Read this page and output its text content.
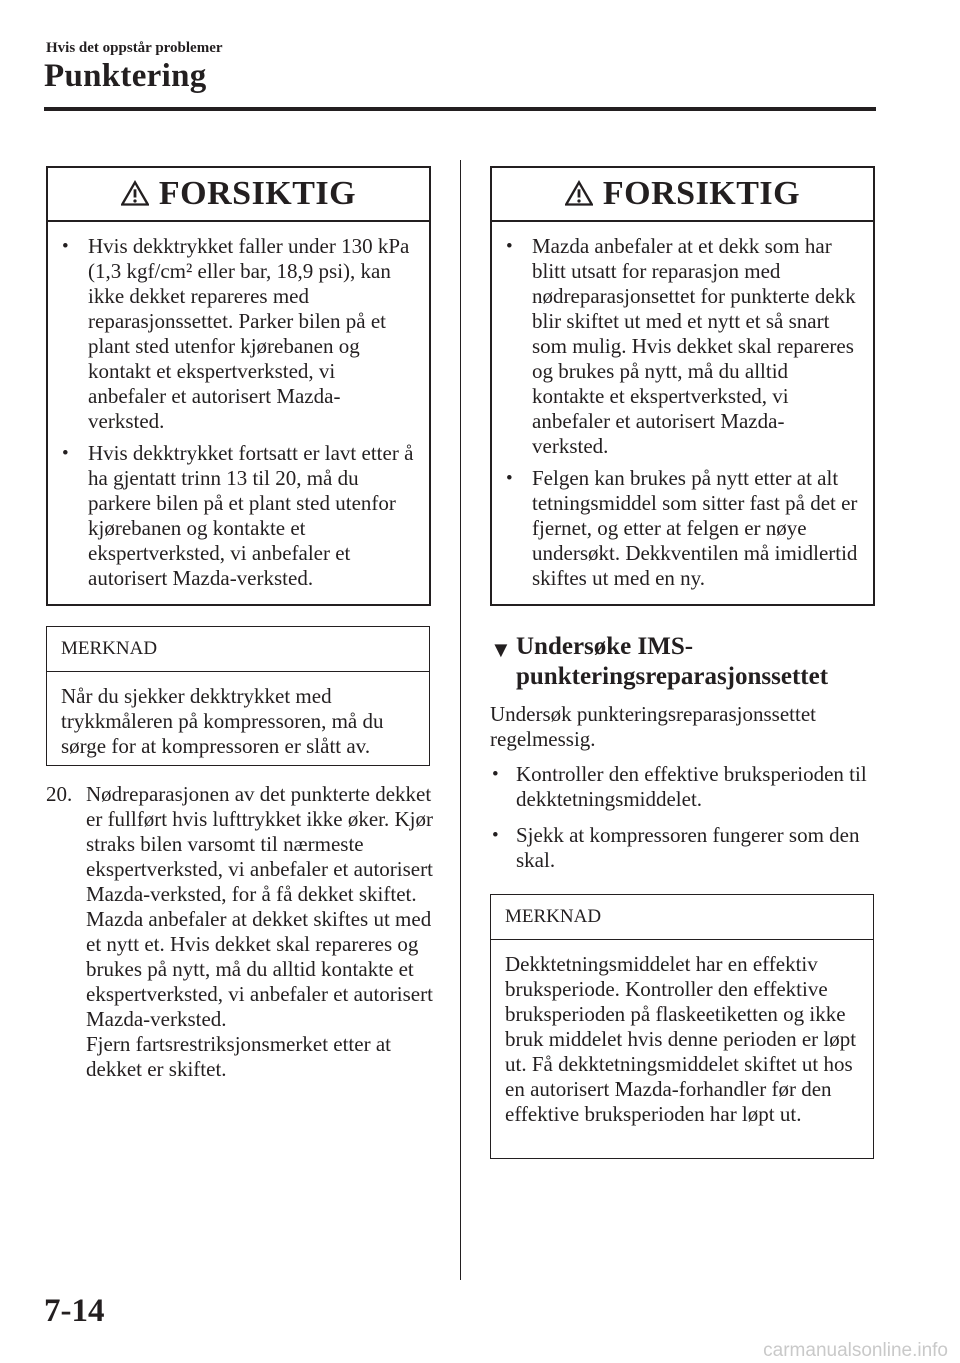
Hvis det oppstår problemer
Punktering
FORSIKTIG
• Hvis dekktrykket faller under 130 kPa (1,3 kgf/cm² eller bar, 18,9 psi), kan ikke dekket repareres med reparasjonssettet. Parker bilen på et plant sted utenfor kjørebanen og kontakt et ekspertverksted, vi anbefaler et autorisert Mazda-verksted.
• Hvis dekktrykket fortsatt er lavt etter å ha gjentatt trinn 13 til 20, må du parkere bilen på et plant sted utenfor kjørebanen og kontakte et ekspertverksted, vi anbefaler et autorisert Mazda-verksted.
MERKNAD
Når du sjekker dekktrykket med trykkmåleren på kompressoren, må du sørge for at kompressoren er slått av.
20. Nødreparasjonen av det punkterte dekket er fullført hvis lufttrykket ikke øker. Kjør straks bilen varsomt til nærmeste ekspertverksted, vi anbefaler et autorisert Mazda-verksted, for å få dekket skiftet. Mazda anbefaler at dekket skiftes ut med et nytt et. Hvis dekket skal repareres og brukes på nytt, må du alltid kontakte et ekspertverksted, vi anbefaler et autorisert Mazda-verksted.
Fjern fartsrestriksjonsmerket etter at dekket er skiftet.
FORSIKTIG
• Mazda anbefaler at et dekk som har blitt utsatt for reparasjon med nødreparasjonsettet for punkterte dekk blir skiftet ut med et nytt et så snart som mulig. Hvis dekket skal repareres og brukes på nytt, må du alltid kontakte et ekspertverksted, vi anbefaler et autorisert Mazda-verksted.
• Felgen kan brukes på nytt etter at alt tetningsmiddel som sitter fast på det er fjernet, og etter at felgen er nøye undersøkt. Dekkventilen må imidlertid skiftes ut med en ny.
▼ Undersøke IMS-punkteringsreparasjonssettet
Undersøk punkteringsreparasjonssettet regelmessig.
• Kontroller den effektive bruksperioden til dekktetningsmiddelet.
• Sjekk at kompressoren fungerer som den skal.
MERKNAD
Dekktetningsmiddelet har en effektiv bruksperiode. Kontroller den effektive bruksperioden på flaskeetiketten og ikke bruk middelet hvis denne perioden er løpt ut. Få dekktetningsmiddelet skiftet ut hos en autorisert Mazda-forhandler før den effektive bruksperioden har løpt ut.
7-14
carmanualsonline.info
